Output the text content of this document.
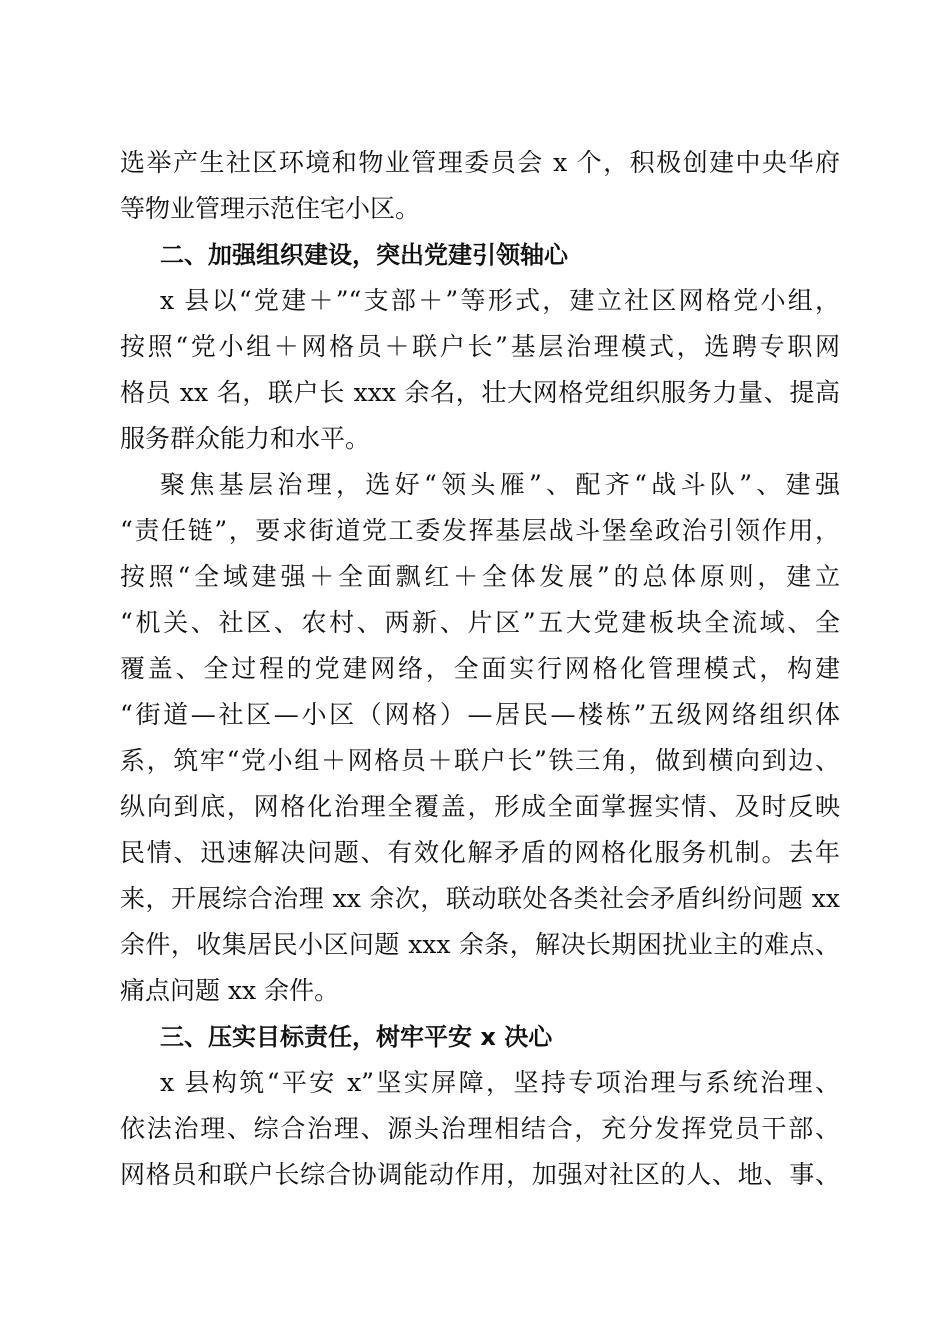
选举产生社区环境和物业管理委员会 x 个，积极创建中央华府
等物业管理示范住宅小区。
二、加强组织建设，突出党建引领轴心
x 县以“党建＋”“支部＋”等形式，建立社区网格党小组，
按照“党小组＋网格员＋联户长”基层治理模式，选聘专职网
格员 xx 名，联户长 xxx 余名，壮大网格党组织服务力量、提高
服务群众能力和水平。
聚焦基层治理，选好“领头雁”、配齐“战斗队”、建强
“责任链”，要求街道党工委发挥基层战斗堡垒政治引领作用，
按照“全域建强＋全面飘红＋全体发展”的总体原则，建立
“机关、社区、农村、两新、片区”五大党建板块全流域、全
覆盖、全过程的党建网络，全面实行网格化管理模式，构建
“街道—社区—小区（网格）—居民—楼栋”五级网络组织体
系，筑牢“党小组＋网格员＋联户长”铁三角，做到横向到边、
纵向到底，网格化治理全覆盖，形成全面掌握实情、及时反映
民情、迅速解决问题、有效化解矛盾的网格化服务机制。去年
来，开展综合治理 xx 余次，联动联处各类社会矛盾纠纷问题 xx
余件，收集居民小区问题 xxx 余条，解决长期困扰业主的难点、
痛点问题 xx 余件。
三、压实目标责任，树牢平安 x 决心
x 县构筑“平安 x”坚实屏障，坚持专项治理与系统治理、
依法治理、综合治理、源头治理相结合，充分发挥党员干部、
网格员和联户长综合协调能动作用，加强对社区的人、地、事、
